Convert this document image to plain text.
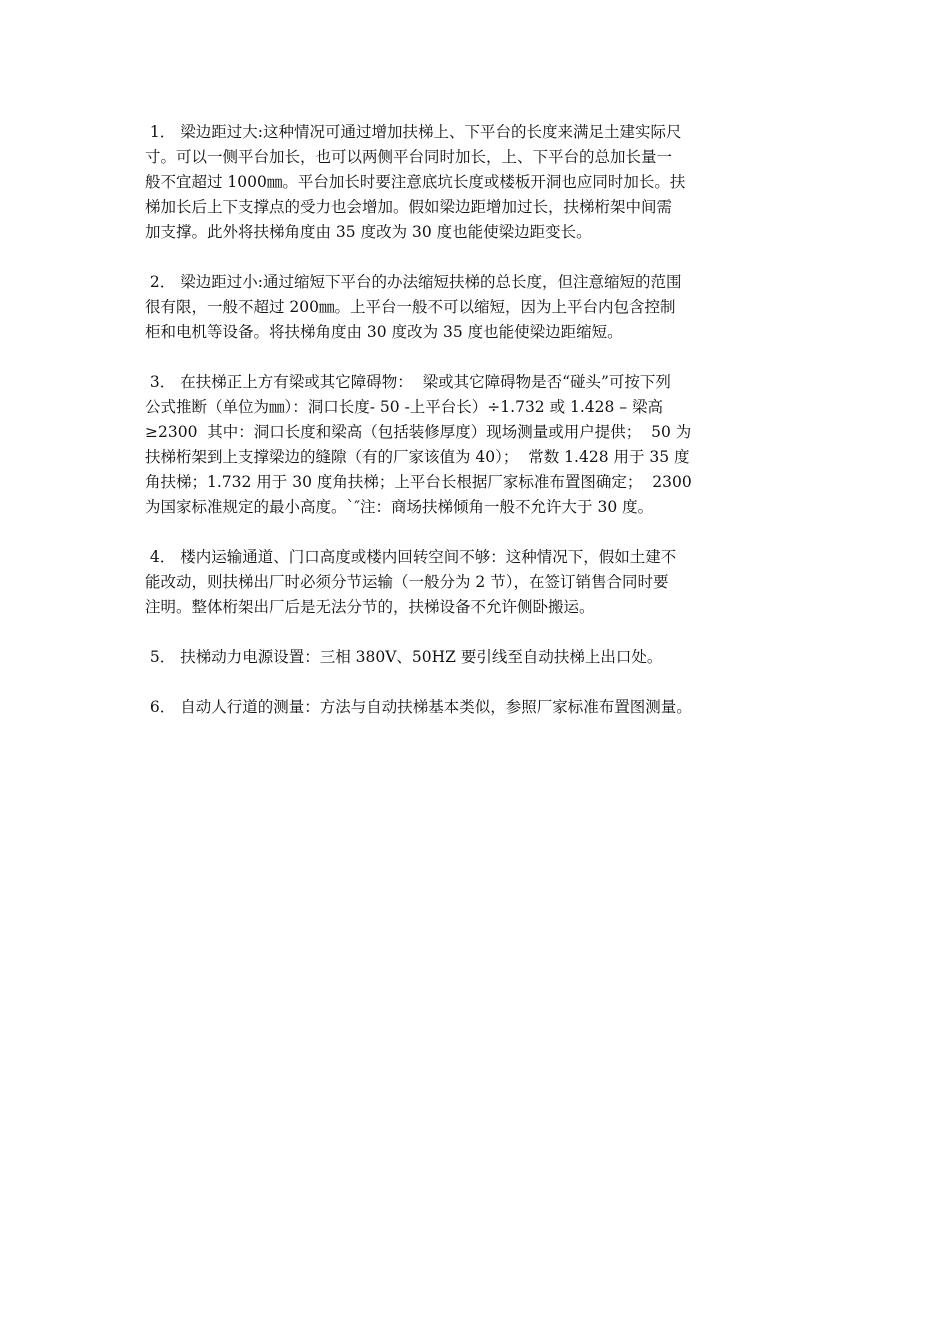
1． 梁边距过大:这种情况可通过增加扶梯上、下平台的长度来满足土建实际尺
寸。可以一侧平台加长，也可以两侧平台同时加长，上、下平台的总加长量一
般不宜超过 1000㎜。平台加长时要注意底坑长度或楼板开洞也应同时加长。扶
梯加长后上下支撑点的受力也会增加。假如梁边距增加过长，扶梯桁架中间需
加支撑。此外将扶梯角度由 35 度改为 30 度也能使梁边距变长。
2． 梁边距过小:通过缩短下平台的办法缩短扶梯的总长度，但注意缩短的范围
很有限，一般不超过 200㎜。上平台一般不可以缩短，因为上平台内包含控制
柜和电机等设备。将扶梯角度由 30 度改为 35 度也能使梁边距缩短。
3． 在扶梯正上方有梁或其它障碍物：  梁或其它障碍物是否“碰头”可按下列
公式推断（单位为㎜）：洞口长度- 50 -上平台长）÷1.732 或 1.428 – 梁高
≥2300  其中：洞口长度和梁高（包括装修厚度）现场测量或用户提供；  50 为
扶梯桁架到上支撑梁边的缝隙（有的厂家该值为 40）；  常数 1.428 用于 35 度
角扶梯；1.732 用于 30 度角扶梯；上平台长根据厂家标准布置图确定；  2300
为国家标准规定的最小高度。`″注：商场扶梯倾角一般不允许大于 30 度。
4． 楼内运输通道、门口高度或楼内回转空间不够：这种情况下，假如土建不
能改动，则扶梯出厂时必须分节运输（一般分为 2 节），在签订销售合同时要
注明。整体桁架出厂后是无法分节的，扶梯设备不允许侧卧搬运。
5． 扶梯动力电源设置：三相 380V、50HZ 要引线至自动扶梯上出口处。
6． 自动人行道的测量：方法与自动扶梯基本类似，参照厂家标准布置图测量。
